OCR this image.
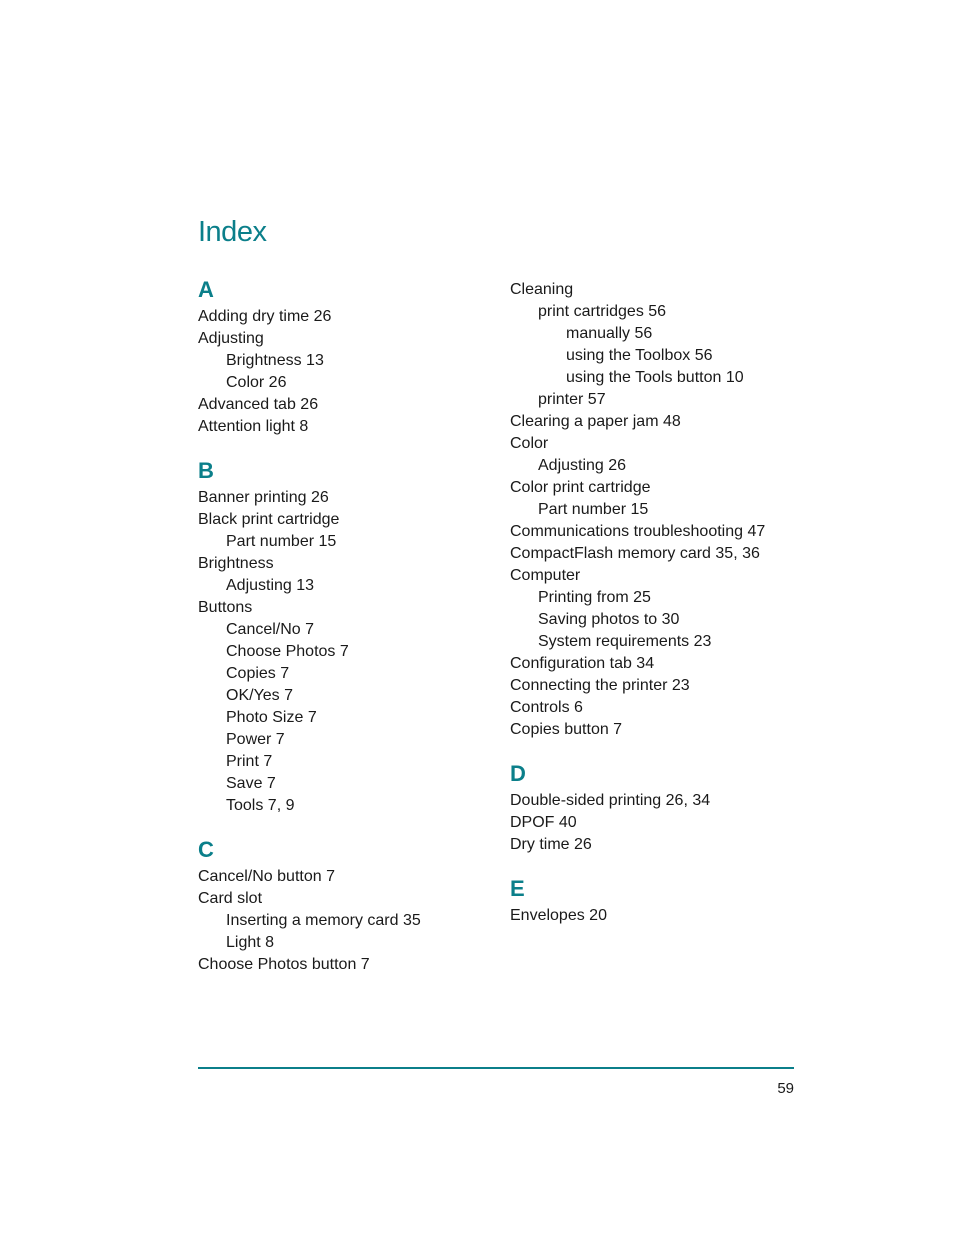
Index
A
Adding dry time 26
Adjusting
Brightness 13
Color 26
Advanced tab 26
Attention light 8
B
Banner printing 26
Black print cartridge
Part number 15
Brightness
Adjusting 13
Buttons
Cancel/No 7
Choose Photos 7
Copies 7
OK/Yes 7
Photo Size 7
Power 7
Print 7
Save 7
Tools 7, 9
C
Cancel/No button 7
Card slot
Inserting a memory card 35
Light 8
Choose Photos button 7
Cleaning
print cartridges 56
manually 56
using the Toolbox 56
using the Tools button 10
printer 57
Clearing a paper jam 48
Color
Adjusting 26
Color print cartridge
Part number 15
Communications troubleshooting 47
CompactFlash memory card 35, 36
Computer
Printing from 25
Saving photos to 30
System requirements 23
Configuration tab 34
Connecting the printer 23
Controls 6
Copies button 7
D
Double-sided printing 26, 34
DPOF 40
Dry time 26
E
Envelopes 20
59
